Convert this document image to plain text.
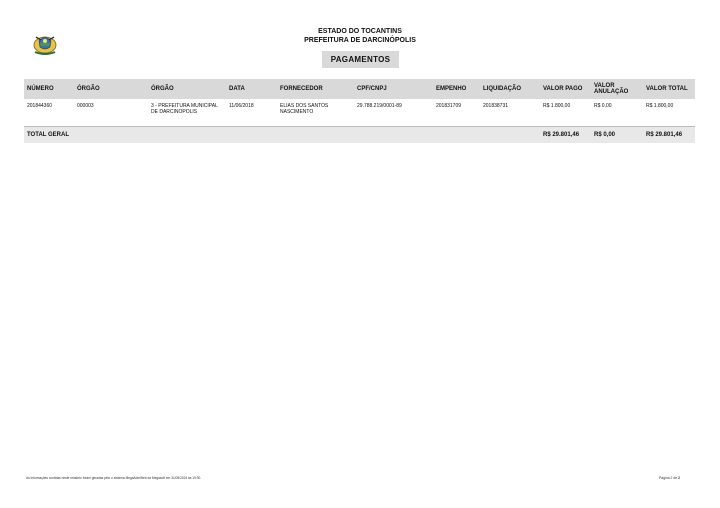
ESTADO DO TOCANTINS
PREFEITURA DE DARCINÓPOLIS
PAGAMENTOS
NÚMERO	ÓRGÃO	ÓRGÃO	DATA	FORNECEDOR	CPF/CNPJ	EMPENHO	LIQUIDAÇÃO	VALOR PAGO	VALOR ANULAÇÃO	VALOR TOTAL
201844360	000003	3 - PREFEITURA MUNICIPAL DE DARCINOPOLIS	11/06/2018	ELIAS DOS SANTOS NASCIMENTO	29.788.219/0001-89	201831709	201838731	R$ 1.800,00	R$ 0,00	R$ 1.800,00
TOTAL GERAL								R$ 29.801,46	R$ 0,00	R$ 29.801,46
As informações contidas neste relatório foram geradas pelo o sistema MegaAdmWeb da Megasoft em 31/05/2024 às 19:30.	Página 2 de 2
